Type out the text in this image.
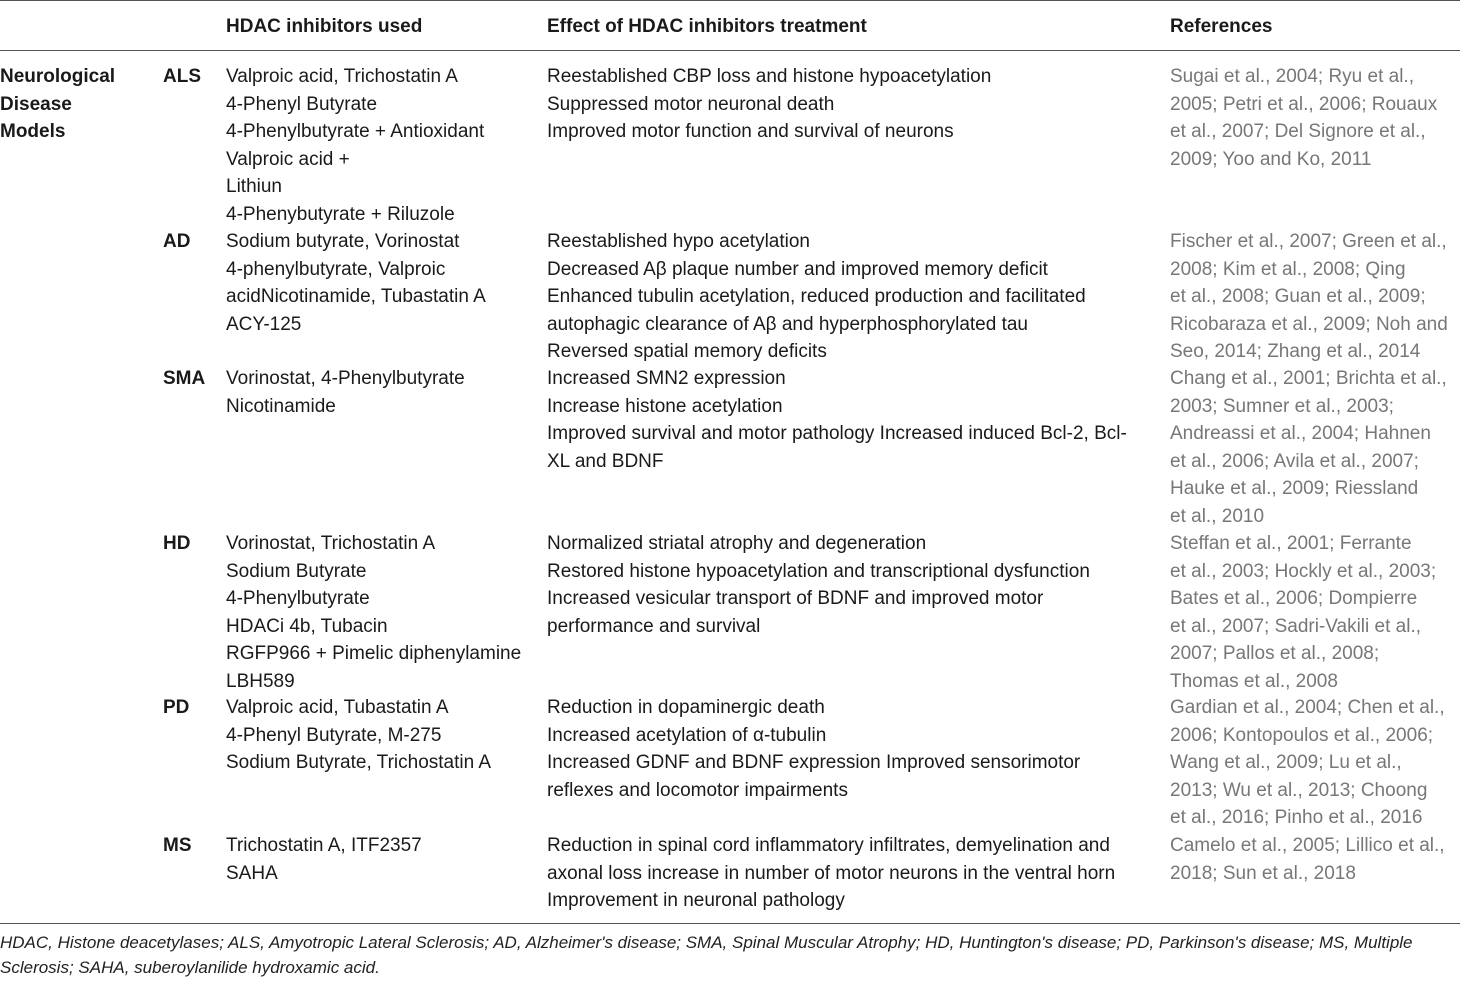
HDAC inhibitors used	Effect of HDAC inhibitors treatment	References
Neurological
Disease
Models
ALS Valproic acid, Trichostatin A
4-Phenyl Butyrate
4-Phenylbutyrate + Antioxidant
Valproic acid +
Lithiun
4-Phenybutyrate + Riluzole
Reestablished CBP loss and histone hypoacetylation
Suppressed motor neuronal death
Improved motor function and survival of neurons
Sugai et al., 2004; Ryu et al.,
2005; Petri et al., 2006; Rouaux
et al., 2007; Del Signore et al.,
2009; Yoo and Ko, 2011
AD Sodium butyrate, Vorinostat
4-phenylbutyrate, Valproic
acidNicotinamide, Tubastatin A
ACY-125
Reestablished hypo acetylation
Decreased Aβ plaque number and improved memory deficit
Enhanced tubulin acetylation, reduced production and facilitated
autophagic clearance of Aβ and hyperphosphorylated tau
Reversed spatial memory deficits
Fischer et al., 2007; Green et al.,
2008; Kim et al., 2008; Qing
et al., 2008; Guan et al., 2009;
Ricobaraza et al., 2009; Noh and
Seo, 2014; Zhang et al., 2014
SMA Vorinostat, 4-Phenylbutyrate
Nicotinamide
Increased SMN2 expression
Increase histone acetylation
Improved survival and motor pathology Increased induced Bcl-2, Bcl-
XL and BDNF
Chang et al., 2001; Brichta et al.,
2003; Sumner et al., 2003;
Andreassi et al., 2004; Hahnen
et al., 2006; Avila et al., 2007;
Hauke et al., 2009; Riessland
et al., 2010
HD Vorinostat, Trichostatin A
Sodium Butyrate
4-Phenylbutyrate
HDACi 4b, Tubacin
RGFP966 + Pimelic diphenylamine
LBH589
Normalized striatal atrophy and degeneration
Restored histone hypoacetylation and transcriptional dysfunction
Increased vesicular transport of BDNF and improved motor
performance and survival
Steffan et al., 2001; Ferrante
et al., 2003; Hockly et al., 2003;
Bates et al., 2006; Dompierre
et al., 2007; Sadri-Vakili et al.,
2007; Pallos et al., 2008;
Thomas et al., 2008
PD Valproic acid, Tubastatin A
4-Phenyl Butyrate, M-275
Sodium Butyrate, Trichostatin A
Reduction in dopaminergic death
Increased acetylation of α-tubulin
Increased GDNF and BDNF expression Improved sensorimotor
reflexes and locomotor impairments
Gardian et al., 2004; Chen et al.,
2006; Kontopoulos et al., 2006;
Wang et al., 2009; Lu et al.,
2013; Wu et al., 2013; Choong
et al., 2016; Pinho et al., 2016
MS Trichostatin A, ITF2357
SAHA
Reduction in spinal cord inflammatory infiltrates, demyelination and
axonal loss increase in number of motor neurons in the ventral horn
Improvement in neuronal pathology
Camelo et al., 2005; Lillico et al.,
2018; Sun et al., 2018
HDAC, Histone deacetylases; ALS, Amyotropic Lateral Sclerosis; AD, Alzheimer's disease; SMA, Spinal Muscular Atrophy; HD, Huntington's disease; PD, Parkinson's disease; MS, Multiple Sclerosis; SAHA, suberoylanilide hydroxamic acid.
